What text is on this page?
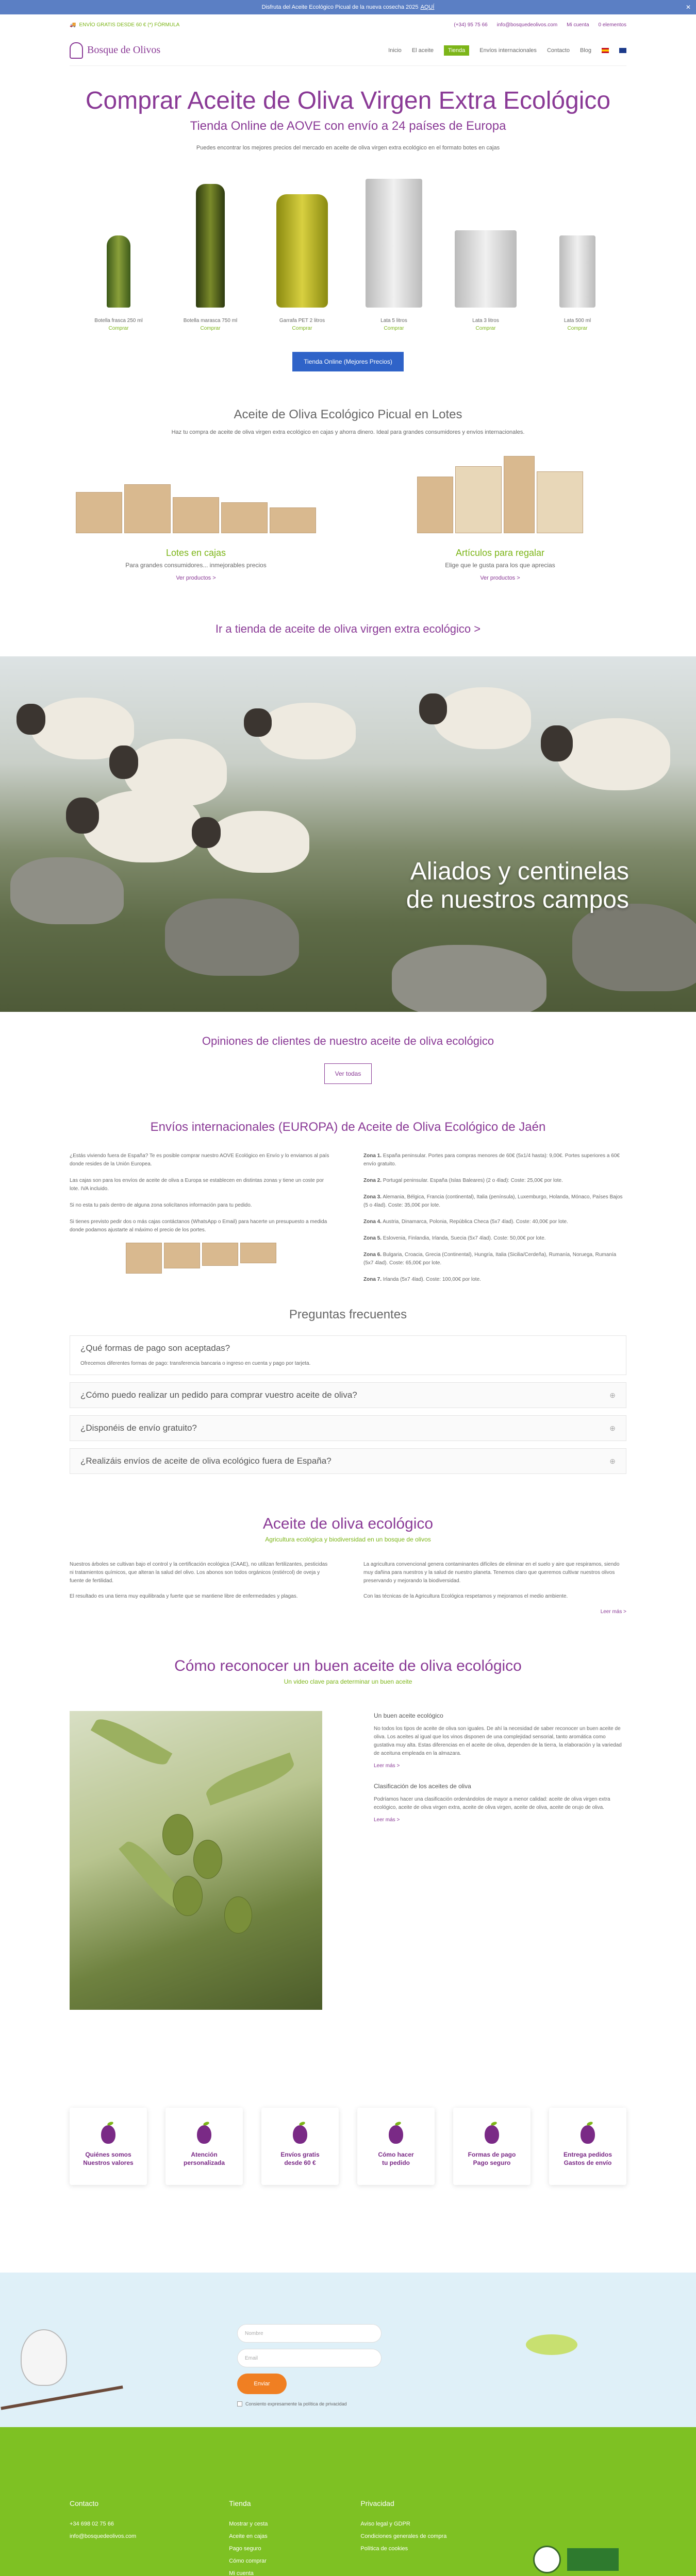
Disfruta del Aceite Ecológico Picual de la nueva cosecha 2025 AQUÍ	✕
🚚 ENVÍO GRATIS DESDE 60 € (*) FÓRMULA	(+34) 95 75 66 info@bosquedeolivos.com Mi cuenta 0 elementos
Bosque de Olivos	Inicio El aceite	Tienda	Envíos internacionales Contacto Blog
Comprar Aceite de Oliva Virgen Extra Ecológico
Tienda Online de AOVE con envío a 24 países de Europa
Puedes encontrar los mejores precios del mercado en aceite de oliva virgen extra ecológico en el formato botes en cajas
Botella frasca 250 ml
Comprar
Botella marasca 750 ml
Comprar
Garrafa PET 2 litros
Comprar
Lata 5 litros
Comprar
Lata 3 litros
Comprar
Lata 500 ml
Comprar
Tienda Online (Mejores Precios)
Aceite de Oliva Ecológico Picual en Lotes
Haz tu compra de aceite de oliva virgen extra ecológico en cajas y ahorra dinero. Ideal para grandes consumidores y envíos internacionales.
Lotes en cajas

Para grandes consumidores... inmejorables precios

Ver productos >
Artículos para regalar

Elige que le gusta para los que aprecias

Ver productos >
Ir a tienda de aceite de oliva virgen extra ecológico >
Aliados y centinelas
de nuestros campos
Opiniones de clientes de nuestro aceite de oliva ecológico
Ver todas
Envíos internacionales (EUROPA) de Aceite de Oliva Ecológico de Jaén

¿Estás viviendo fuera de España? Te es posible comprar nuestro AOVE Ecológico en Envío y lo enviamos al país donde resides de la Unión Europea.

Las cajas son para los envíos de aceite de oliva a Europa se establecen en distintas zonas y tiene un coste por lote. IVA incluido.

Si no esta tu país dentro de alguna zona solicítanos información para tu pedido.

Si tienes previsto pedir dos o más cajas contáctanos (WhatsApp o Email) para hacerte un presupuesto a medida donde podamos ajustarte al máximo el precio de los portes.

Zona 1. España peninsular. Portes para compras menores de 60€ (5x1/4 hasta): 9,00€. Portes superiores a 60€ envío gratuito.

Zona 2. Portugal peninsular. España (Islas Baleares) (2 o 4lad): Coste: 25,00€ por lote.

Zona 3. Alemania, Bélgica, Francia (continental), Italia (península), Luxemburgo, Holanda, Mónaco, Países Bajos (5 o 4lad). Coste: 35,00€ por lote.

Zona 4. Austria, Dinamarca, Polonia, República Checa (5x7 4lad). Coste: 40,00€ por lote.

Zona 5. Eslovenia, Finlandia, Irlanda, Suecia (5x7 4lad). Coste: 50,00€ por lote.

Zona 6. Bulgaria, Croacia, Grecia (Continental), Hungría, Italia (Sicilia/Cerdeña), Rumanía, Noruega, Rumanía (5x7 4lad). Coste: 65,00€ por lote.

Zona 7. Irlanda (5x7 4lad). Coste: 100,00€ por lote.

Preguntas frecuentes
¿Qué formas de pago son aceptadas?
Ofrecemos diferentes formas de pago: transferencia bancaria o ingreso en cuenta y pago por tarjeta.
¿Cómo puedo realizar un pedido para comprar vuestro aceite de oliva?	⊕
¿Disponéis de envío gratuito?	⊕
¿Realizáis envíos de aceite de oliva ecológico fuera de España?	⊕
Aceite de oliva ecológico
Agricultura ecológica y biodiversidad en un bosque de olivos

Nuestros árboles se cultivan bajo el control y la certificación ecológica (CAAE), no utilizan fertilizantes, pesticidas ni tratamientos químicos, que alteran la salud del olivo. Los abonos son todos orgánicos (estiércol) de oveja y fuente de fertilidad.

El resultado es una tierra muy equilibrada y fuerte que se mantiene libre de enfermedades y plagas.

La agricultura convencional genera contaminantes difíciles de eliminar en el suelo y aire que respiramos, siendo muy dañina para nuestros y la salud de nuestro planeta. Tenemos claro que queremos cultivar nuestros olivos preservando y mejorando la biodiversidad.

Con las técnicas de la Agricultura Ecológica respetamos y mejoramos el medio ambiente.

Leer más >
Cómo reconocer un buen aceite de oliva ecológico
Un video clave para determinar un buen aceite
Un buen aceite ecológico

No todos los tipos de aceite de oliva son iguales. De ahí la necesidad de saber reconocer un buen aceite de oliva. Los aceites al igual que los vinos disponen de una complejidad sensorial, tanto aromática como gustativa muy alta. Estas diferencias en el aceite de oliva, dependen de la tierra, la elaboración y la variedad de aceituna empleada en la almazara.

Leer más >

Clasificación de los aceites de oliva

Podríamos hacer una clasificación ordenándolos de mayor a menor calidad: aceite de oliva virgen extra ecológico, aceite de oliva virgen extra, aceite de oliva virgen, aceite de oliva, aceite de orujo de oliva.

Leer más >

Quiénes somos
Nuestros valores
Atención
personalizada
Envíos gratis
desde 60 €
Cómo hacer
tu pedido
Formas de pago
Pago seguro
Entrega pedidos
Gastos de envío
Nombre
Email
Enviar
Consiento expresamente la política de privacidad
Contacto

+34 698 02 75 66

info@bosquedeolivos.com

Tienda

Mostrar y cesta

Aceite en cajas

Pago seguro

Cómo comprar

Mi cuenta

Privacidad

Aviso legal y GDPR

Condiciones generales de compra

Política de cookies
